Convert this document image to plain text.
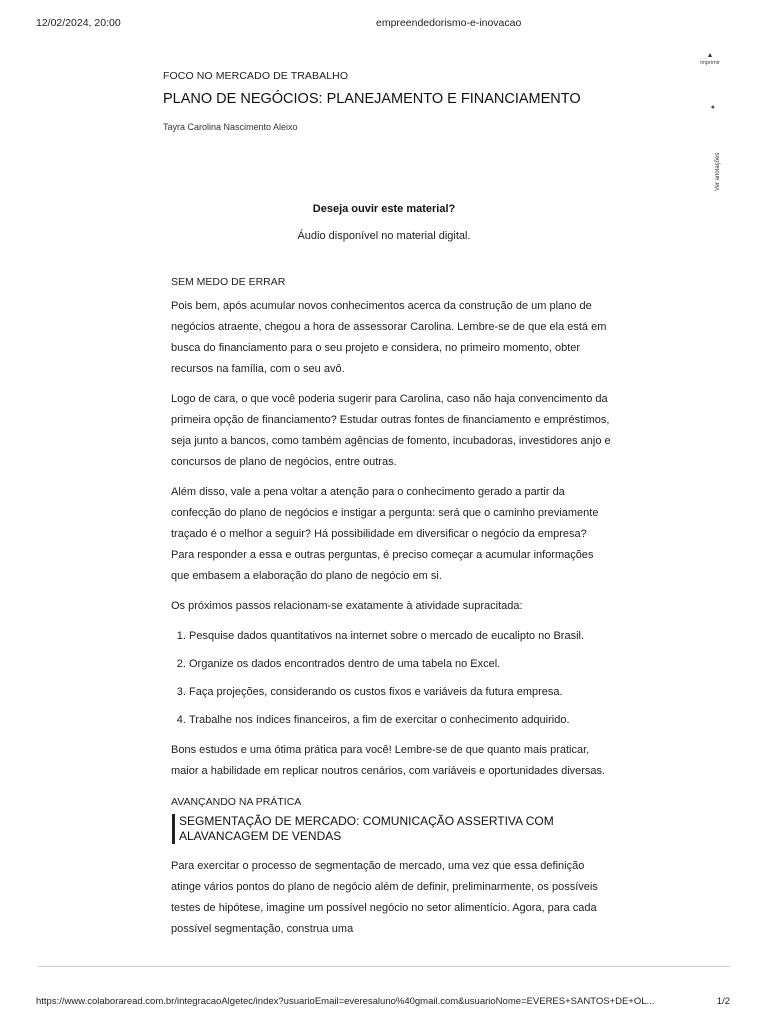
12/02/2024, 20:00	empreendedorismo-e-inovacao
▲
imprimir
●
Ver anotações
FOCO NO MERCADO DE TRABALHO
PLANO DE NEGÓCIOS: PLANEJAMENTO E FINANCIAMENTO
Tayra Carolina Nascimento Aleixo
Deseja ouvir este material?
Áudio disponível no material digital.
SEM MEDO DE ERRAR

Pois bem, após acumular novos conhecimentos acerca da construção de um plano de negócios atraente, chegou a hora de assessorar Carolina. Lembre-se de que ela está em busca do financiamento para o seu projeto e considera, no primeiro momento, obter recursos na família, com o seu avô.

Logo de cara, o que você poderia sugerir para Carolina, caso não haja convencimento da primeira opção de financiamento? Estudar outras fontes de financiamento e empréstimos, seja junto a bancos, como também agências de fomento, incubadoras, investidores anjo e concursos de plano de negócios, entre outras.

Além disso, vale a pena voltar a atenção para o conhecimento gerado a partir da confecção do plano de negócios e instigar a pergunta: será que o caminho previamente traçado é o melhor a seguir? Há possibilidade em diversificar o negócio da empresa? Para responder a essa e outras perguntas, é preciso começar a acumular informações que embasem a elaboração do plano de negócio em si.

Os próximos passos relacionam-se exatamente à atividade supracitada:

1. Pesquise dados quantitativos na internet sobre o mercado de eucalipto no Brasil.
2. Organize os dados encontrados dentro de uma tabela no Excel.
3. Faça projeções, considerando os custos fixos e variáveis da futura empresa.
4. Trabalhe nos índices financeiros, a fim de exercitar o conhecimento adquirido.

Bons estudos e uma ótima prática para você! Lembre-se de que quanto mais praticar, maior a habilidade em replicar noutros cenários, com variáveis e oportunidades diversas.

AVANÇANDO NA PRÁTICA
SEGMENTAÇÃO DE MERCADO: COMUNICAÇÃO ASSERTIVA COM ALAVANCAGEM DE VENDAS

Para exercitar o processo de segmentação de mercado, uma vez que essa definição atinge vários pontos do plano de negócio além de definir, preliminarmente, os possíveis testes de hipótese, imagine um possível negócio no setor alimentício. Agora, para cada possível segmentação, construa uma

https://www.colaboraread.com.br/integracaoAlgetec/index?usuarioEmail=everesaluno%40gmail.com&usuarioNome=EVERES+SANTOS+DE+OL...	1/2
